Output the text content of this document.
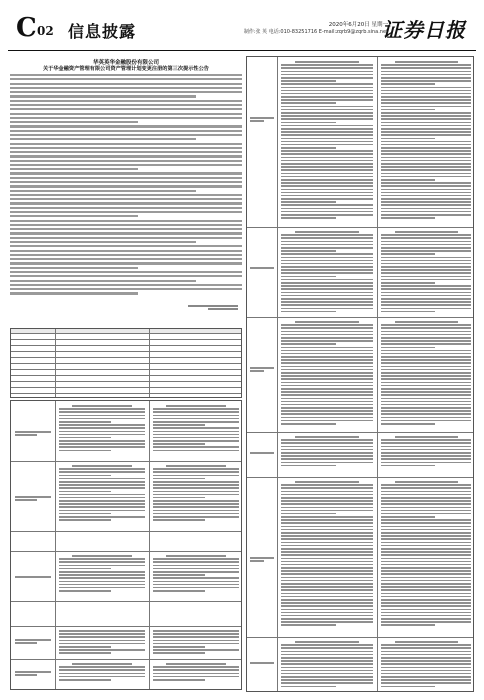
C 02 信息披露	2020年6月20日 星期一
制作:张 英 电话:010-83251716 E-mail:zqrb9@zqrb.sina.net
证券日报
华英英华金融股份有限公司
关于华金融资产管理有限公司资产管理计划变更注册的第三次提示性公告
